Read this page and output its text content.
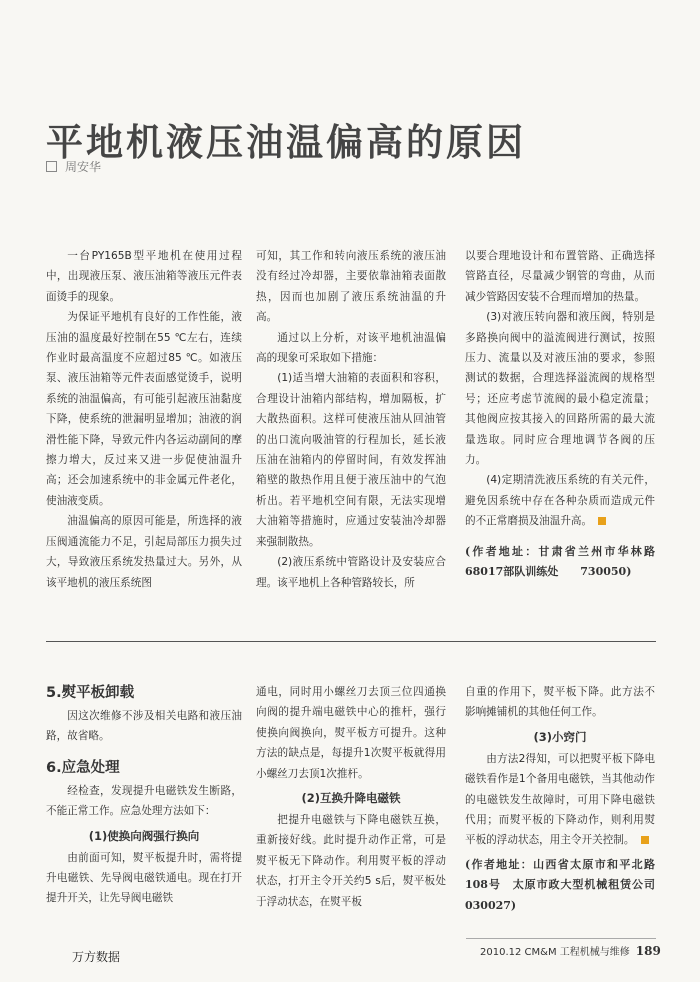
平地机液压油温偏高的原因
周安华

一台PY165B型平地机在使用过程中，出现液压泵、液压油箱等液压元件表面烫手的现象。

为保证平地机有良好的工作性能，液压油的温度最好控制在55 ℃左右，连续作业时最高温度不应超过85 ℃。如液压泵、液压油箱等元件表面感觉烫手，说明系统的油温偏高，有可能引起液压油黏度下降，使系统的泄漏明显增加；油液的润滑性能下降，导致元件内各运动副间的摩擦力增大，反过来又进一步促使油温升高；还会加速系统中的非金属元件老化，使油液变质。

油温偏高的原因可能是，所选择的液压阀通流能力不足，引起局部压力损失过大，导致液压系统发热量过大。另外，从该平地机的液压系统图

可知，其工作和转向液压系统的液压油没有经过冷却器，主要依靠油箱表面散热，因而也加剧了液压系统油温的升高。

通过以上分析，对该平地机油温偏高的现象可采取如下措施：

(1)适当增大油箱的表面积和容积，合理设计油箱内部结构，增加隔板，扩大散热面积。这样可使液压油从回油管的出口流向吸油管的行程加长，延长液压油在油箱内的停留时间，有效发挥油箱壁的散热作用且便于液压油中的气泡析出。若平地机空间有限，无法实现增大油箱等措施时，应通过安装油冷却器来强制散热。

(2)液压系统中管路设计及安装应合理。该平地机上各种管路较长，所

以要合理地设计和布置管路、正确选择管路直径，尽量减少钢管的弯曲，从而减少管路因安装不合理而增加的热量。

(3)对液压转向器和液压阀，特别是多路换向阀中的溢流阀进行测试，按照压力、流量以及对液压油的要求，参照测试的数据，合理选择溢流阀的规格型号；还应考虑节流阀的最小稳定流量；其他阀应按其接入的回路所需的最大流量选取。同时应合理地调节各阀的压力。

(4)定期清洗液压系统的有关元件，避免因系统中存在各种杂质而造成元件的不正常磨损及油温升高。

(作者地址：甘肃省兰州市华林路68017部队训练处　　730050)

5.熨平板卸载

因这次维修不涉及相关电路和液压油路，故省略。

6.应急处理

经检查，发现提升电磁铁发生断路，不能正常工作。应急处理方法如下：

(1)使换向阀强行换向

由前面可知，熨平板提升时，需将提升电磁铁、先导阀电磁铁通电。现在打开提升开关，让先导阀电磁铁

通电，同时用小螺丝刀去顶三位四通换向阀的提升端电磁铁中心的推杆，强行使换向阀换向，熨平板方可提升。这种方法的缺点是，每提升1次熨平板就得用小螺丝刀去顶1次推杆。

(2)互换升降电磁铁

把提升电磁铁与下降电磁铁互换，重新接好线。此时提升动作正常，可是熨平板无下降动作。利用熨平板的浮动状态，打开主令开关约5 s后，熨平板处于浮动状态，在熨平板

自重的作用下，熨平板下降。此方法不影响摊铺机的其他任何工作。

(3)小窍门

由方法2得知，可以把熨平板下降电磁铁看作是1个备用电磁铁，当其他动作的电磁铁发生故障时，可用下降电磁铁代用；而熨平板的下降动作，则利用熨平板的浮动状态，用主令开关控制。

(作者地址：山西省太原市和平北路108号　太原市政大型机械租赁公司030027)

2010.12 CM&M 工程机械与维修 189
万方数据
